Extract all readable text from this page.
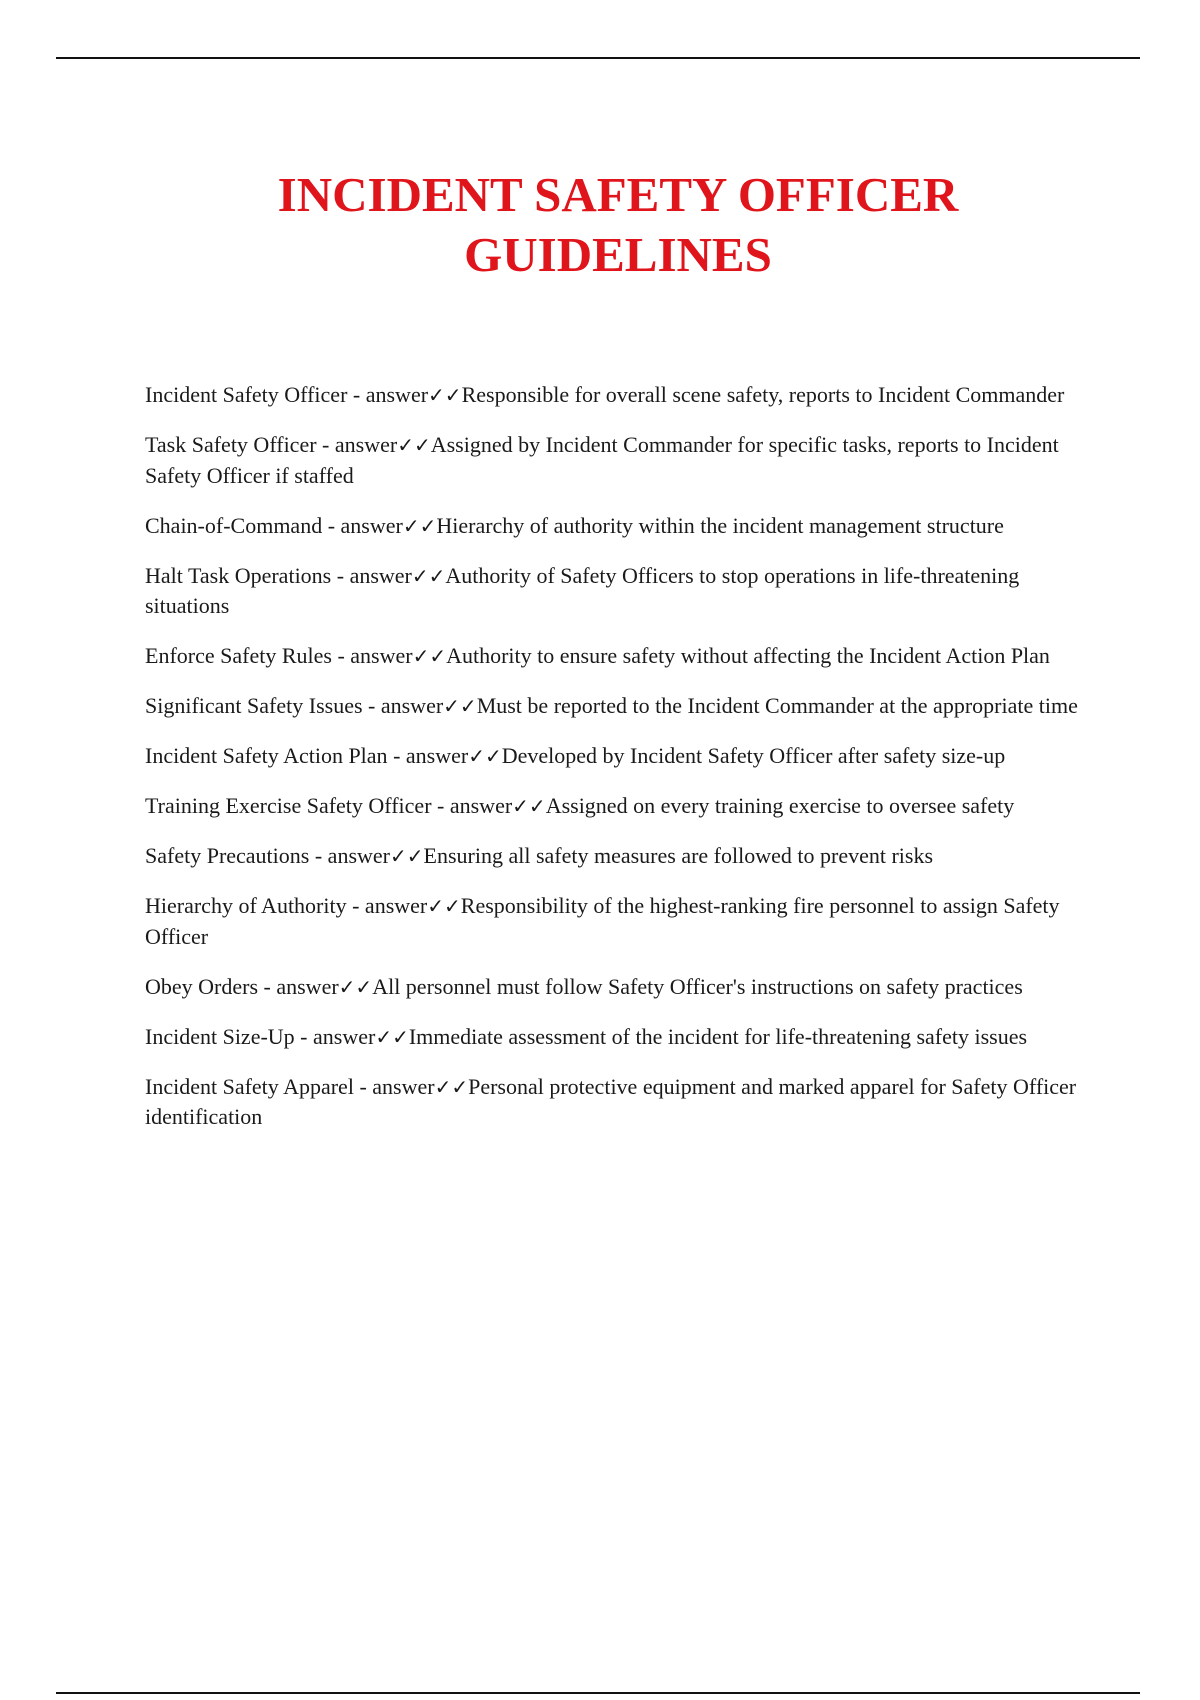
INCIDENT SAFETY OFFICER
GUIDELINES

Incident Safety Officer - answer✓✓Responsible for overall scene safety, reports to Incident Commander

Task Safety Officer - answer✓✓Assigned by Incident Commander for specific tasks, reports to Incident Safety Officer if staffed

Chain-of-Command - answer✓✓Hierarchy of authority within the incident management structure

Halt Task Operations - answer✓✓Authority of Safety Officers to stop operations in life-threatening situations

Enforce Safety Rules - answer✓✓Authority to ensure safety without affecting the Incident Action Plan

Significant Safety Issues - answer✓✓Must be reported to the Incident Commander at the appropriate time

Incident Safety Action Plan - answer✓✓Developed by Incident Safety Officer after safety size-up

Training Exercise Safety Officer - answer✓✓Assigned on every training exercise to oversee safety

Safety Precautions - answer✓✓Ensuring all safety measures are followed to prevent risks

Hierarchy of Authority - answer✓✓Responsibility of the highest-ranking fire personnel to assign Safety Officer

Obey Orders - answer✓✓All personnel must follow Safety Officer's instructions on safety practices

Incident Size-Up - answer✓✓Immediate assessment of the incident for life-threatening safety issues

Incident Safety Apparel - answer✓✓Personal protective equipment and marked apparel for Safety Officer identification
